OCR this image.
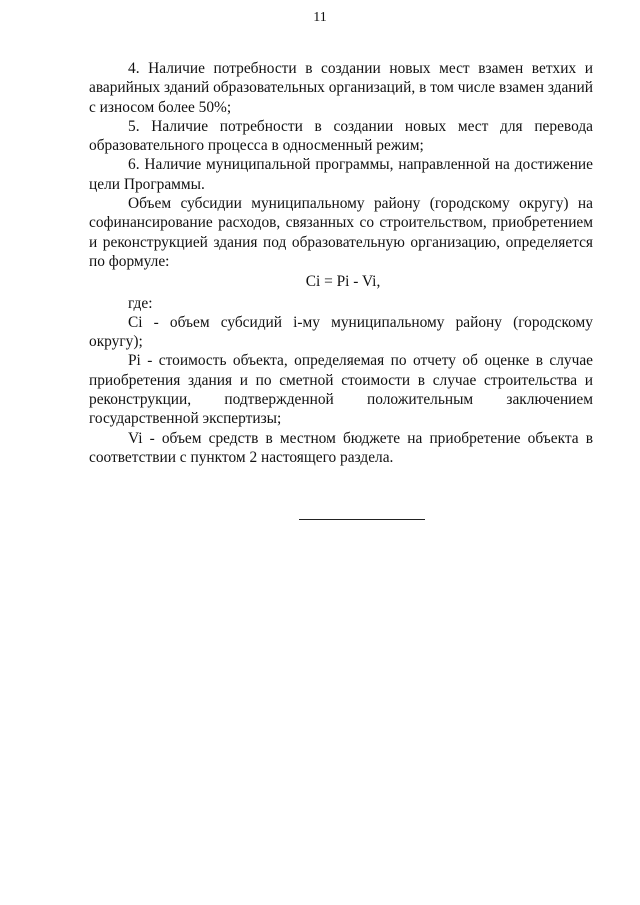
11

4. Наличие потребности в создании новых мест взамен ветхих и аварийных зданий образовательных организаций, в том числе взамен зданий с износом более 50%;

5. Наличие потребности в создании новых мест для перевода образовательного процесса в односменный режим;

6. Наличие муниципальной программы, направленной на достижение цели Программы.

Объем субсидии муниципальному району (городскому округу) на софинансирование расходов, связанных со строительством, приобретением и реконструкцией здания под образовательную организацию, определяется по формуле:

Ci = Pi - Vi,

где:

Ci - объем субсидий i-му муниципальному району (городскому округу);

Pi - стоимость объекта, определяемая по отчету об оценке в случае приобретения здания и по сметной стоимости в случае строительства и реконструкции, подтвержденной положительным заключением

государственной экспертизы;

Vi - объем средств в местном бюджете на приобретение объекта в соответствии с пунктом 2 настоящего раздела.
